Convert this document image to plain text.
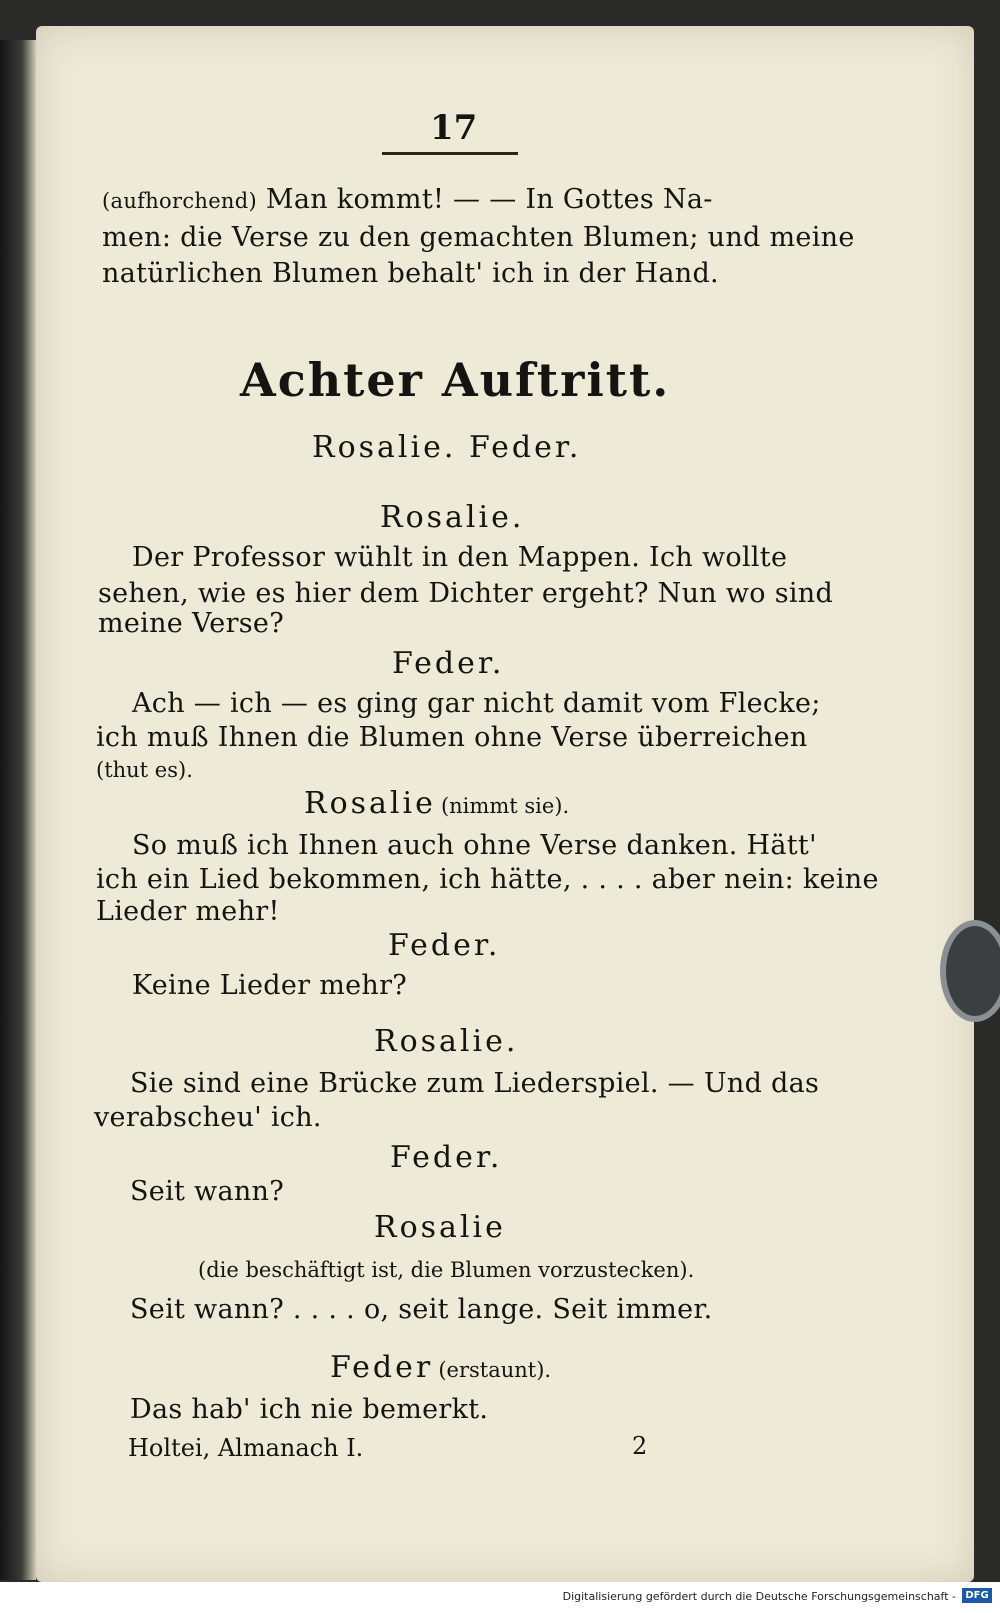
17
(aufhorchend) Man kommt! — — In Gottes Na-
men: die Verse zu den gemachten Blumen; und meine
natürlichen Blumen behalt' ich in der Hand.
Achter Auftritt.
Rosalie. Feder.
Rosalie.
Der Professor wühlt in den Mappen. Ich wollte
sehen, wie es hier dem Dichter ergeht? Nun wo sind
meine Verse?
Feder.
Ach — ich — es ging gar nicht damit vom Flecke;
ich muß Ihnen die Blumen ohne Verse überreichen
(thut es).
Rosalie (nimmt sie).
So muß ich Ihnen auch ohne Verse danken. Hätt'
ich ein Lied bekommen, ich hätte, . . . . aber nein: keine
Lieder mehr!
Feder.
Keine Lieder mehr?
Rosalie.
Sie sind eine Brücke zum Liederspiel. — Und das
verabscheu' ich.
Feder.
Seit wann?
Rosalie
(die beschäftigt ist, die Blumen vorzustecken).
Seit wann? . . . . o, seit lange. Seit immer.
Feder (erstaunt).
Das hab' ich nie bemerkt.
Holtei, Almanach I.	2
Digitalisierung gefördert durch die Deutsche Forschungsgemeinschaft - DFG
